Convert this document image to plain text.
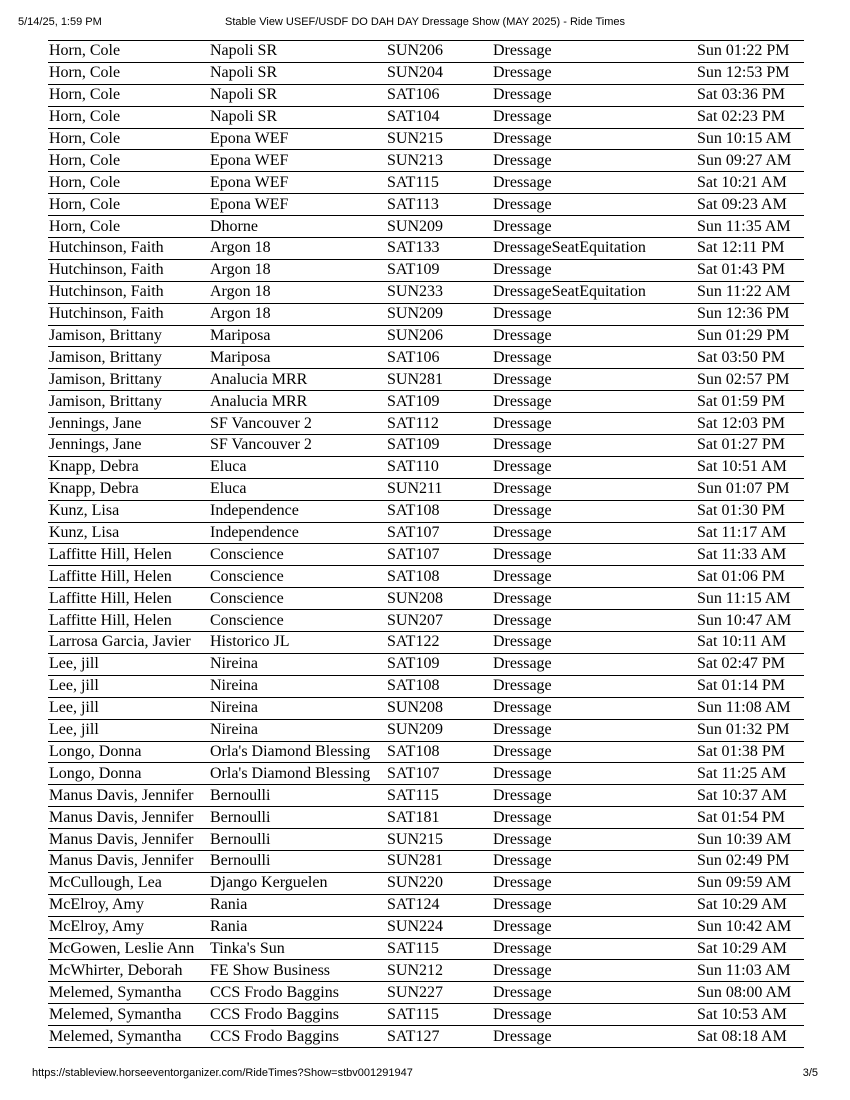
5/14/25, 1:59 PM	Stable View USEF/USDF DO DAH DAY Dressage Show (MAY 2025) - Ride Times
Horn, Cole	Napoli SR	SUN206	Dressage	Sun 01:22 PM
Horn, Cole	Napoli SR	SUN204	Dressage	Sun 12:53 PM
Horn, Cole	Napoli SR	SAT106	Dressage	Sat 03:36 PM
Horn, Cole	Napoli SR	SAT104	Dressage	Sat 02:23 PM
Horn, Cole	Epona WEF	SUN215	Dressage	Sun 10:15 AM
Horn, Cole	Epona WEF	SUN213	Dressage	Sun 09:27 AM
Horn, Cole	Epona WEF	SAT115	Dressage	Sat 10:21 AM
Horn, Cole	Epona WEF	SAT113	Dressage	Sat 09:23 AM
Horn, Cole	Dhorne	SUN209	Dressage	Sun 11:35 AM
Hutchinson, Faith	Argon 18	SAT133	DressageSeatEquitation	Sat 12:11 PM
Hutchinson, Faith	Argon 18	SAT109	Dressage	Sat 01:43 PM
Hutchinson, Faith	Argon 18	SUN233	DressageSeatEquitation	Sun 11:22 AM
Hutchinson, Faith	Argon 18	SUN209	Dressage	Sun 12:36 PM
Jamison, Brittany	Mariposa	SUN206	Dressage	Sun 01:29 PM
Jamison, Brittany	Mariposa	SAT106	Dressage	Sat 03:50 PM
Jamison, Brittany	Analucia MRR	SUN281	Dressage	Sun 02:57 PM
Jamison, Brittany	Analucia MRR	SAT109	Dressage	Sat 01:59 PM
Jennings, Jane	SF Vancouver 2	SAT112	Dressage	Sat 12:03 PM
Jennings, Jane	SF Vancouver 2	SAT109	Dressage	Sat 01:27 PM
Knapp, Debra	Eluca	SAT110	Dressage	Sat 10:51 AM
Knapp, Debra	Eluca	SUN211	Dressage	Sun 01:07 PM
Kunz, Lisa	Independence	SAT108	Dressage	Sat 01:30 PM
Kunz, Lisa	Independence	SAT107	Dressage	Sat 11:17 AM
Laffitte Hill, Helen	Conscience	SAT107	Dressage	Sat 11:33 AM
Laffitte Hill, Helen	Conscience	SAT108	Dressage	Sat 01:06 PM
Laffitte Hill, Helen	Conscience	SUN208	Dressage	Sun 11:15 AM
Laffitte Hill, Helen	Conscience	SUN207	Dressage	Sun 10:47 AM
Larrosa Garcia, Javier	Historico JL	SAT122	Dressage	Sat 10:11 AM
Lee, jill	Nireina	SAT109	Dressage	Sat 02:47 PM
Lee, jill	Nireina	SAT108	Dressage	Sat 01:14 PM
Lee, jill	Nireina	SUN208	Dressage	Sun 11:08 AM
Lee, jill	Nireina	SUN209	Dressage	Sun 01:32 PM
Longo, Donna	Orla's Diamond Blessing	SAT108	Dressage	Sat 01:38 PM
Longo, Donna	Orla's Diamond Blessing	SAT107	Dressage	Sat 11:25 AM
Manus Davis, Jennifer	Bernoulli	SAT115	Dressage	Sat 10:37 AM
Manus Davis, Jennifer	Bernoulli	SAT181	Dressage	Sat 01:54 PM
Manus Davis, Jennifer	Bernoulli	SUN215	Dressage	Sun 10:39 AM
Manus Davis, Jennifer	Bernoulli	SUN281	Dressage	Sun 02:49 PM
McCullough, Lea	Django Kerguelen	SUN220	Dressage	Sun 09:59 AM
McElroy, Amy	Rania	SAT124	Dressage	Sat 10:29 AM
McElroy, Amy	Rania	SUN224	Dressage	Sun 10:42 AM
McGowen, Leslie Ann	Tinka's Sun	SAT115	Dressage	Sat 10:29 AM
McWhirter, Deborah	FE Show Business	SUN212	Dressage	Sun 11:03 AM
Melemed, Symantha	CCS Frodo Baggins	SUN227	Dressage	Sun 08:00 AM
Melemed, Symantha	CCS Frodo Baggins	SAT115	Dressage	Sat 10:53 AM
Melemed, Symantha	CCS Frodo Baggins	SAT127	Dressage	Sat 08:18 AM
https://stableview.horseeventorganizer.com/RideTimes?Show=stbv001291947	3/5
